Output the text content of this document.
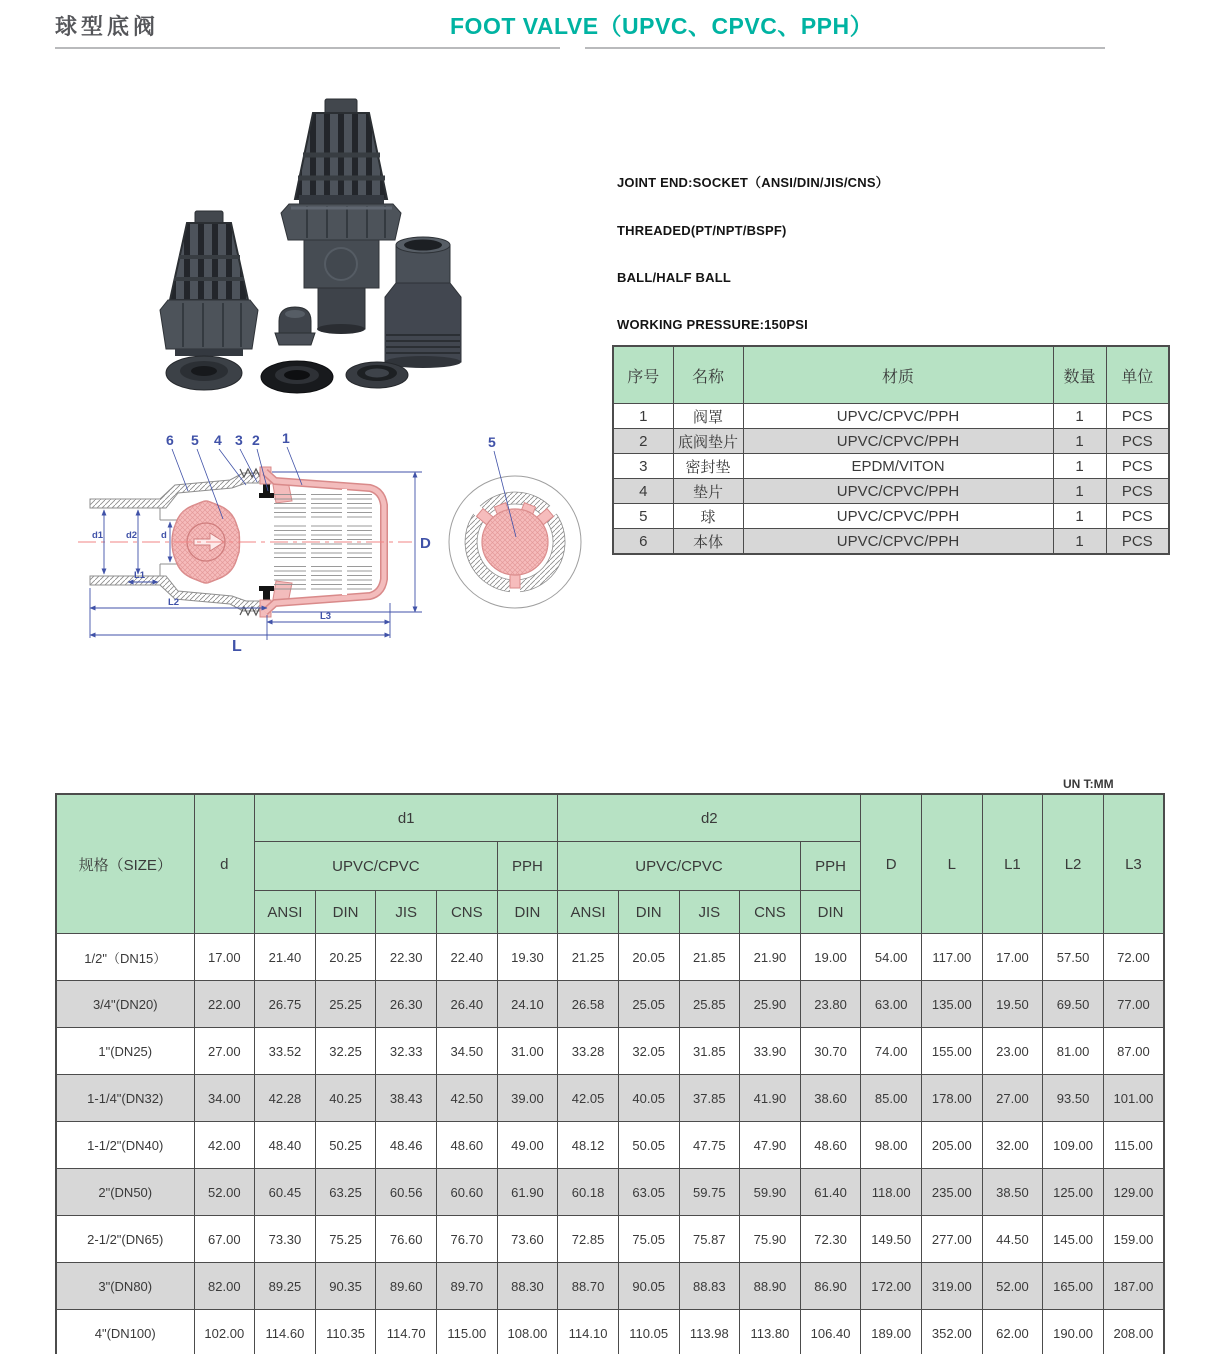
球型底阀	FOOT VALVE（UPVC、CPVC、PPH）
JOINT END:SOCKET（ANSI/DIN/JIS/CNS）
THREADED(PT/NPT/BSPF)
BALL/HALF BALL
WORKING PRESSURE:150PSI
序号	名称	材质	数量	单位
1	阀罩	UPVC/CPVC/PPH	1	PCS
2	底阀垫片	UPVC/CPVC/PPH	1	PCS
3	密封垫	EPDM/VITON	1	PCS
4	垫片	UPVC/CPVC/PPH	1	PCS
5	球	UPVC/CPVC/PPH	1	PCS
6	本体	UPVC/CPVC/PPH	1	PCS
d1 d2	d
L1
L2
L3
L
D
6 5 4 3 2 1	5
UN T:MM
规格（SIZE）	d	d1					d2					D	L	L1	L2	L3
		UPVC/CPVC				PPH	UPVC/CPVC				PPH					
		ANSI	DIN	JIS	CNS	DIN	ANSI	DIN	JIS	CNS	DIN					
1/2"（DN15）	17.00	21.40	20.25	22.30	22.40	19.30	21.25	20.05	21.85	21.90	19.00	54.00	117.00	17.00	57.50	72.00
3/4"(DN20)	22.00	26.75	25.25	26.30	26.40	24.10	26.58	25.05	25.85	25.90	23.80	63.00	135.00	19.50	69.50	77.00
1"(DN25)	27.00	33.52	32.25	32.33	34.50	31.00	33.28	32.05	31.85	33.90	30.70	74.00	155.00	23.00	81.00	87.00
1-1/4"(DN32)	34.00	42.28	40.25	38.43	42.50	39.00	42.05	40.05	37.85	41.90	38.60	85.00	178.00	27.00	93.50	101.00
1-1/2"(DN40)	42.00	48.40	50.25	48.46	48.60	49.00	48.12	50.05	47.75	47.90	48.60	98.00	205.00	32.00	109.00	115.00
2"(DN50)	52.00	60.45	63.25	60.56	60.60	61.90	60.18	63.05	59.75	59.90	61.40	118.00	235.00	38.50	125.00	129.00
2-1/2"(DN65)	67.00	73.30	75.25	76.60	76.70	73.60	72.85	75.05	75.87	75.90	72.30	149.50	277.00	44.50	145.00	159.00
3"(DN80)	82.00	89.25	90.35	89.60	89.70	88.30	88.70	90.05	88.83	88.90	86.90	172.00	319.00	52.00	165.00	187.00
4"(DN100)	102.00	114.60	110.35	114.70	115.00	108.00	114.10	110.05	113.98	113.80	106.40	189.00	352.00	62.00	190.00	208.00
